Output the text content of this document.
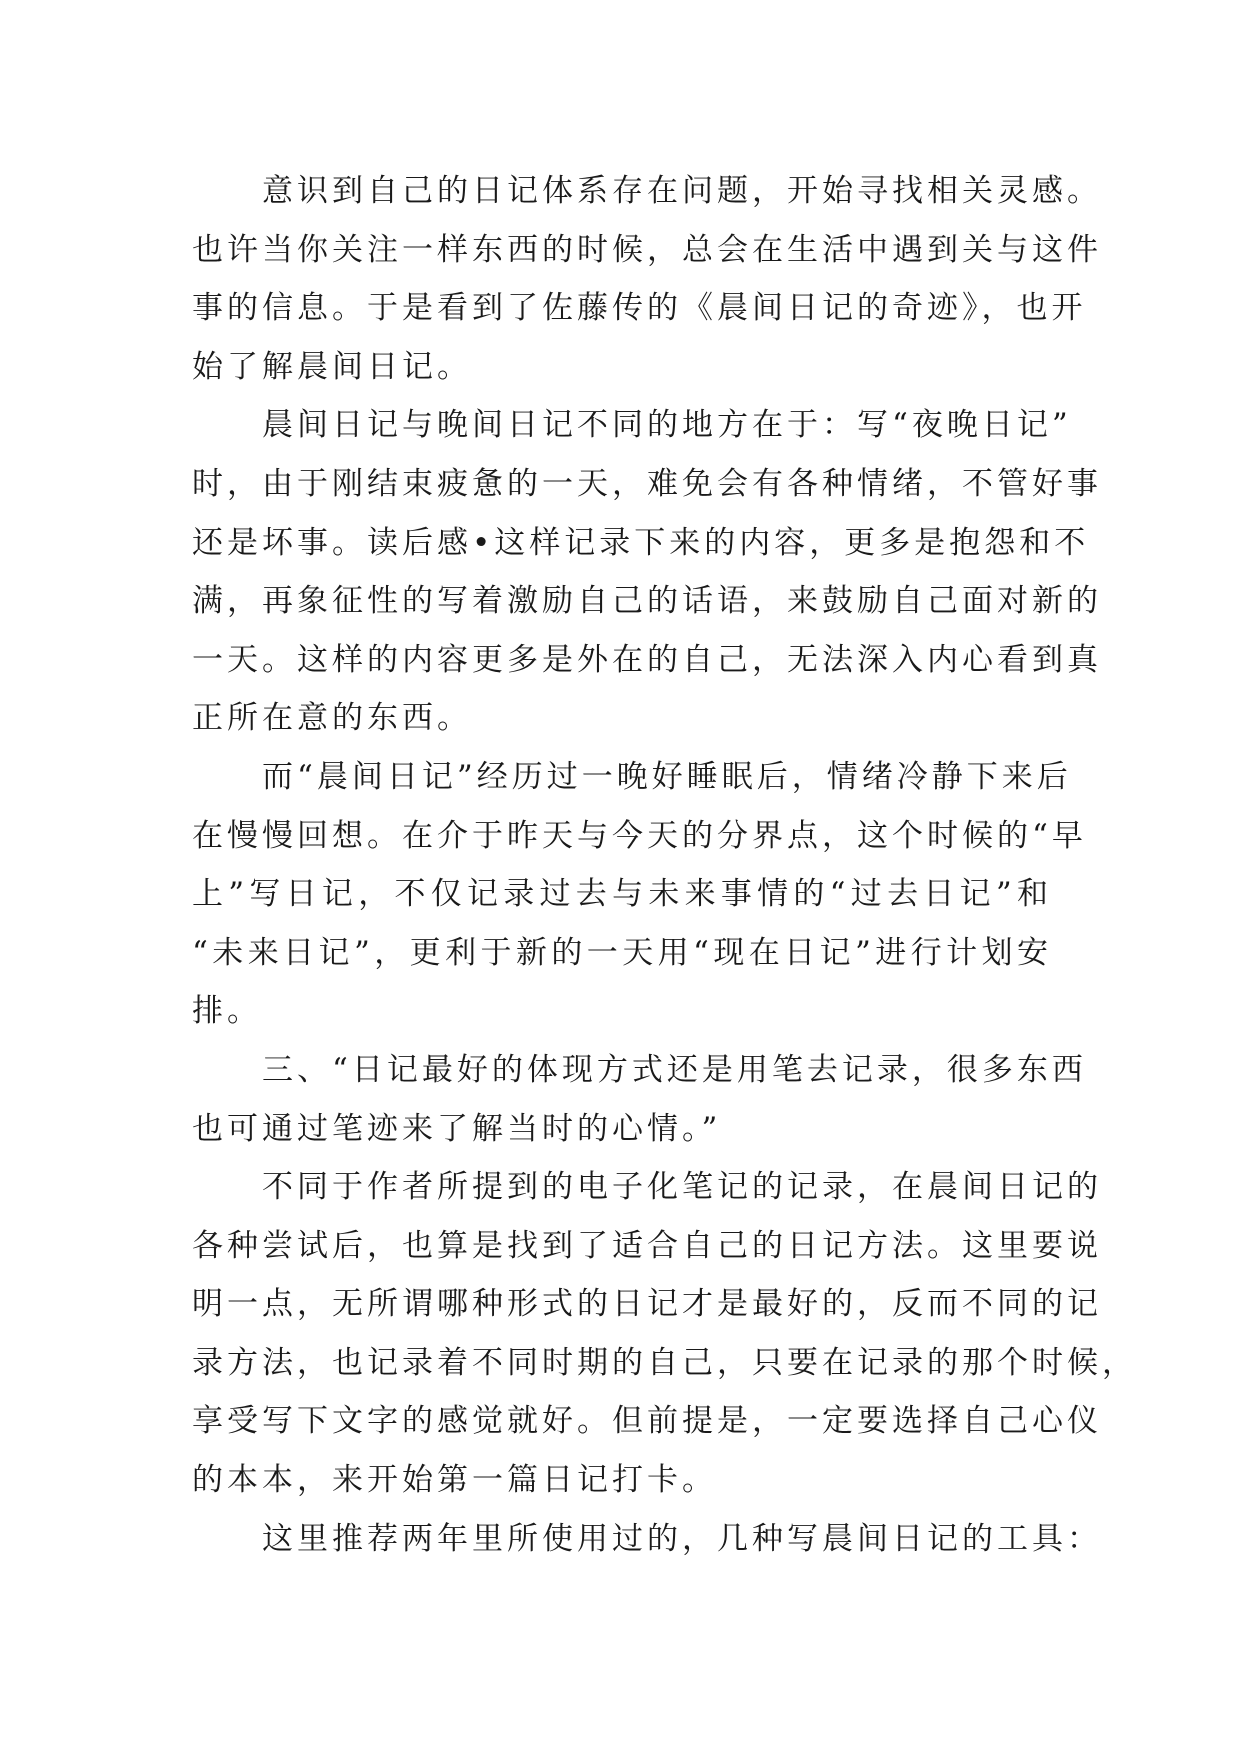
意识到自己的日记体系存在问题，开始寻找相关灵感。
也许当你关注一样东西的时候，总会在生活中遇到关与这件
事的信息。于是看到了佐藤传的《晨间日记的奇迹》，也开
始了解晨间日记。
晨间日记与晚间日记不同的地方在于：写“夜晚日记”
时，由于刚结束疲惫的一天，难免会有各种情绪，不管好事
还是坏事。读后感•这样记录下来的内容，更多是抱怨和不
满，再象征性的写着激励自己的话语，来鼓励自己面对新的
一天。这样的内容更多是外在的自己，无法深入内心看到真
正所在意的东西。
而“晨间日记”经历过一晚好睡眠后，情绪冷静下来后
在慢慢回想。在介于昨天与今天的分界点，这个时候的“早
上”写日记，不仅记录过去与未来事情的“过去日记”和
“未来日记”，更利于新的一天用“现在日记”进行计划安
排。
三、“日记最好的体现方式还是用笔去记录，很多东西
也可通过笔迹来了解当时的心情。”
不同于作者所提到的电子化笔记的记录，在晨间日记的
各种尝试后，也算是找到了适合自己的日记方法。这里要说
明一点，无所谓哪种形式的日记才是最好的，反而不同的记
录方法，也记录着不同时期的自己，只要在记录的那个时候，
享受写下文字的感觉就好。但前提是，一定要选择自己心仪
的本本，来开始第一篇日记打卡。
这里推荐两年里所使用过的，几种写晨间日记的工具：
